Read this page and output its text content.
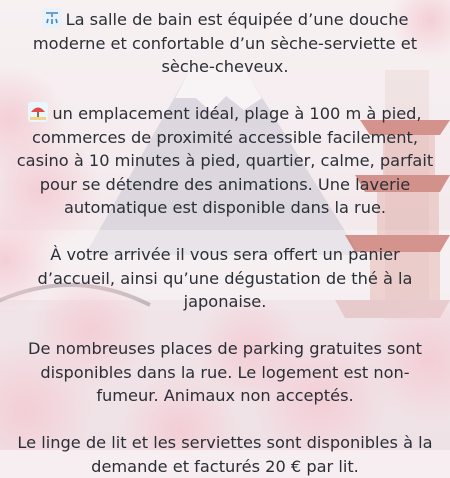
La salle de bain est équipée d’une douche moderne et confortable d’un sèche-serviette et sèche-cheveux.

un emplacement idéal, plage à 100 m à pied, commerces de proximité accessible facilement, casino à 10 minutes à pied, quartier, calme, parfait pour se détendre des animations. Une laverie automatique est disponible dans la rue.

À votre arrivée il vous sera offert un panier d’accueil, ainsi qu’une dégustation de thé à la japonaise.

De nombreuses places de parking gratuites sont disponibles dans la rue. Le logement est non-fumeur. Animaux non acceptés.

Le linge de lit et les serviettes sont disponibles à la demande et facturés 20 € par lit.
